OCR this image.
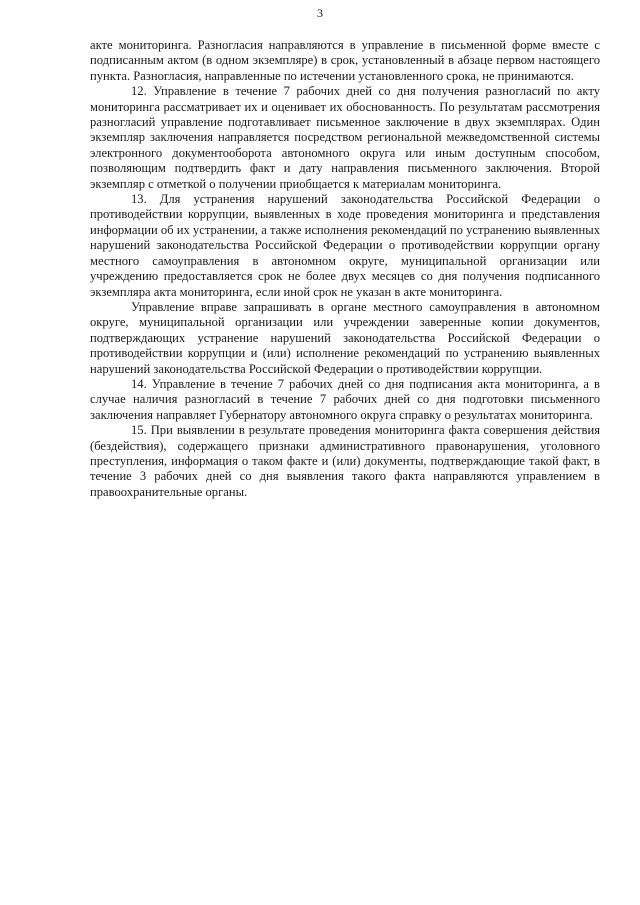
3

акте мониторинга. Разногласия направляются в управление в письменной форме вместе с подписанным актом (в одном экземпляре) в срок, установленный в абзаце первом настоящего пункта. Разногласия, направленные по истечении установленного срока, не принимаются.

12. Управление в течение 7 рабочих дней со дня получения разногласий по акту мониторинга рассматривает их и оценивает их обоснованность. По результатам рассмотрения разногласий управление подготавливает письменное заключение в двух экземплярах. Один экземпляр заключения направляется посредством региональной межведомственной системы электронного документооборота автономного округа или иным доступным способом, позволяющим подтвердить факт и дату направления письменного заключения. Второй экземпляр с отметкой о получении приобщается к материалам мониторинга.

13. Для устранения нарушений законодательства Российской Федерации о противодействии коррупции, выявленных в ходе проведения мониторинга и представления информации об их устранении, а также исполнения рекомендаций по устранению выявленных нарушений законодательства Российской Федерации о противодействии коррупции органу местного самоуправления в автономном округе, муниципальной организации или учреждению предоставляется срок не более двух месяцев со дня получения подписанного экземпляра акта мониторинга, если иной срок не указан в акте мониторинга.

Управление вправе запрашивать в органе местного самоуправления в автономном округе, муниципальной организации или учреждении заверенные копии документов, подтверждающих устранение нарушений законодательства Российской Федерации о противодействии коррупции и (или) исполнение рекомендаций по устранению выявленных нарушений законодательства Российской Федерации о противодействии коррупции.

14. Управление в течение 7 рабочих дней со дня подписания акта мониторинга, а в случае наличия разногласий в течение 7 рабочих дней со дня подготовки письменного заключения направляет Губернатору автономного округа справку о результатах мониторинга.

15. При выявлении в результате проведения мониторинга факта совершения действия (бездействия), содержащего признаки административного правонарушения, уголовного преступления, информация о таком факте и (или) документы, подтверждающие такой факт, в течение 3 рабочих дней со дня выявления такого факта направляются управлением в правоохранительные органы.
